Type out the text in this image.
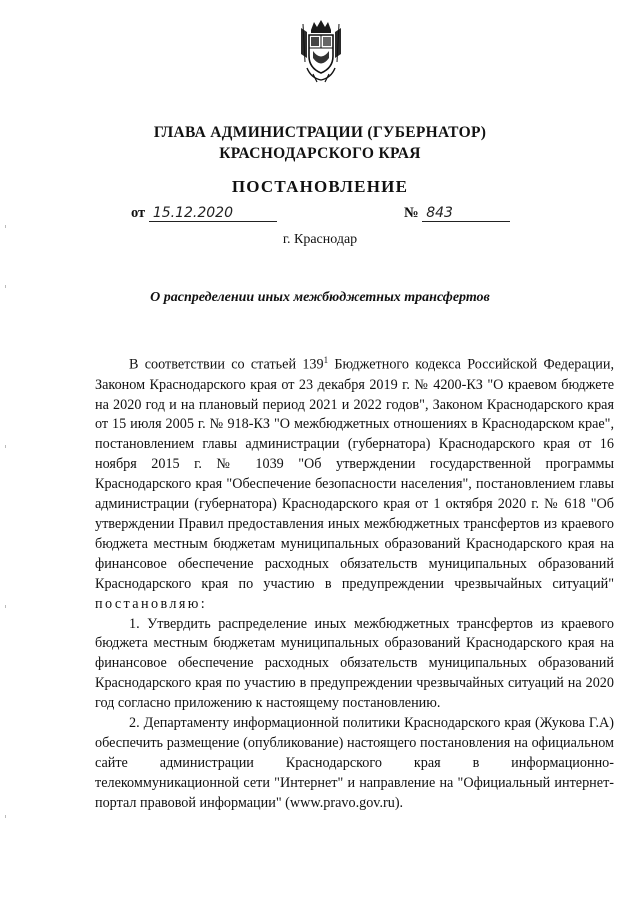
ГЛАВА АДМИНИСТРАЦИИ (ГУБЕРНАТОР)
КРАСНОДАРСКОГО КРАЯ
ПОСТАНОВЛЕНИЕ
от 15.12.2020	№ 843
г. Краснодар
О распределении иных межбюджетных трансфертов

В соответствии со статьей $139^1$ Бюджетного кодекса Российской Федерации, Законом Краснодарского края от 23 декабря 2019 г. № 4200-КЗ "О краевом бюджете на 2020 год и на плановый период 2021 и 2022 годов", Законом Краснодарского края от 15 июля 2005 г. № 918-КЗ "О межбюджетных отношениях в Краснодарском крае", постановлением главы администрации (губернатора) Краснодарского края от 16 ноября 2015 г. № 1039 "Об утверждении государственной программы Краснодарского края "Обеспечение безопасности населения", постановлением главы администрации (губернатора) Краснодарского края от 1 октября 2020 г. № 618 "Об утверждении Правил предоставления иных межбюджетных трансфертов из краевого бюджета местным бюджетам муниципальных образований Краснодарского края на финансовое обеспечение расходных обязательств муниципальных образований Краснодарского края по участию в предупреждении чрезвычайных ситуаций" постановляю:

1. Утвердить распределение иных межбюджетных трансфертов из краевого бюджета местным бюджетам муниципальных образований Краснодарского края на финансовое обеспечение расходных обязательств муниципальных образований Краснодарского края по участию в предупреждении чрезвычайных ситуаций на 2020 год согласно приложению к настоящему постановлению.

2. Департаменту информационной политики Краснодарского края (Жукова Г.А) обеспечить размещение (опубликование) настоящего постановления на официальном сайте администрации Краснодарского края в информационно-телекоммуникационной сети "Интернет" и направление на "Официальный интернет-портал правовой информации" (www.pravo.gov.ru).
